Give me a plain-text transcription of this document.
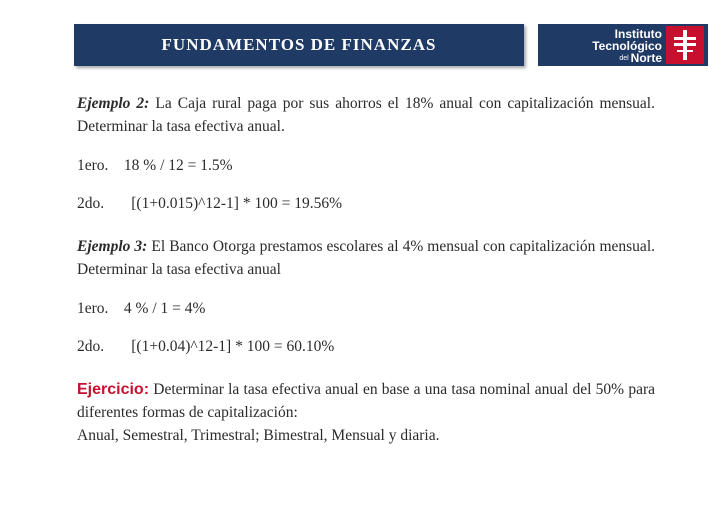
FUNDAMENTOS DE FINANZAS
Instituto
Tecnológico
del Norte

Ejemplo 2: La Caja rural paga por sus ahorros el 18% anual con capitalización mensual. Determinar la tasa efectiva anual.

1ero. 18 % / 12 = 1.5%

2do. [(1+0.015)^12-1] * 100 = 19.56%

Ejemplo 3: El Banco Otorga prestamos escolares al 4% mensual con capitalización mensual. Determinar la tasa efectiva anual

1ero. 4 % / 1 = 4%

2do. [(1+0.04)^12-1] * 100 = 60.10%

Ejercicio: Determinar la tasa efectiva anual en base a una tasa nominal anual del 50% para diferentes formas de capitalización:

Anual, Semestral, Trimestral; Bimestral, Mensual y diaria.
